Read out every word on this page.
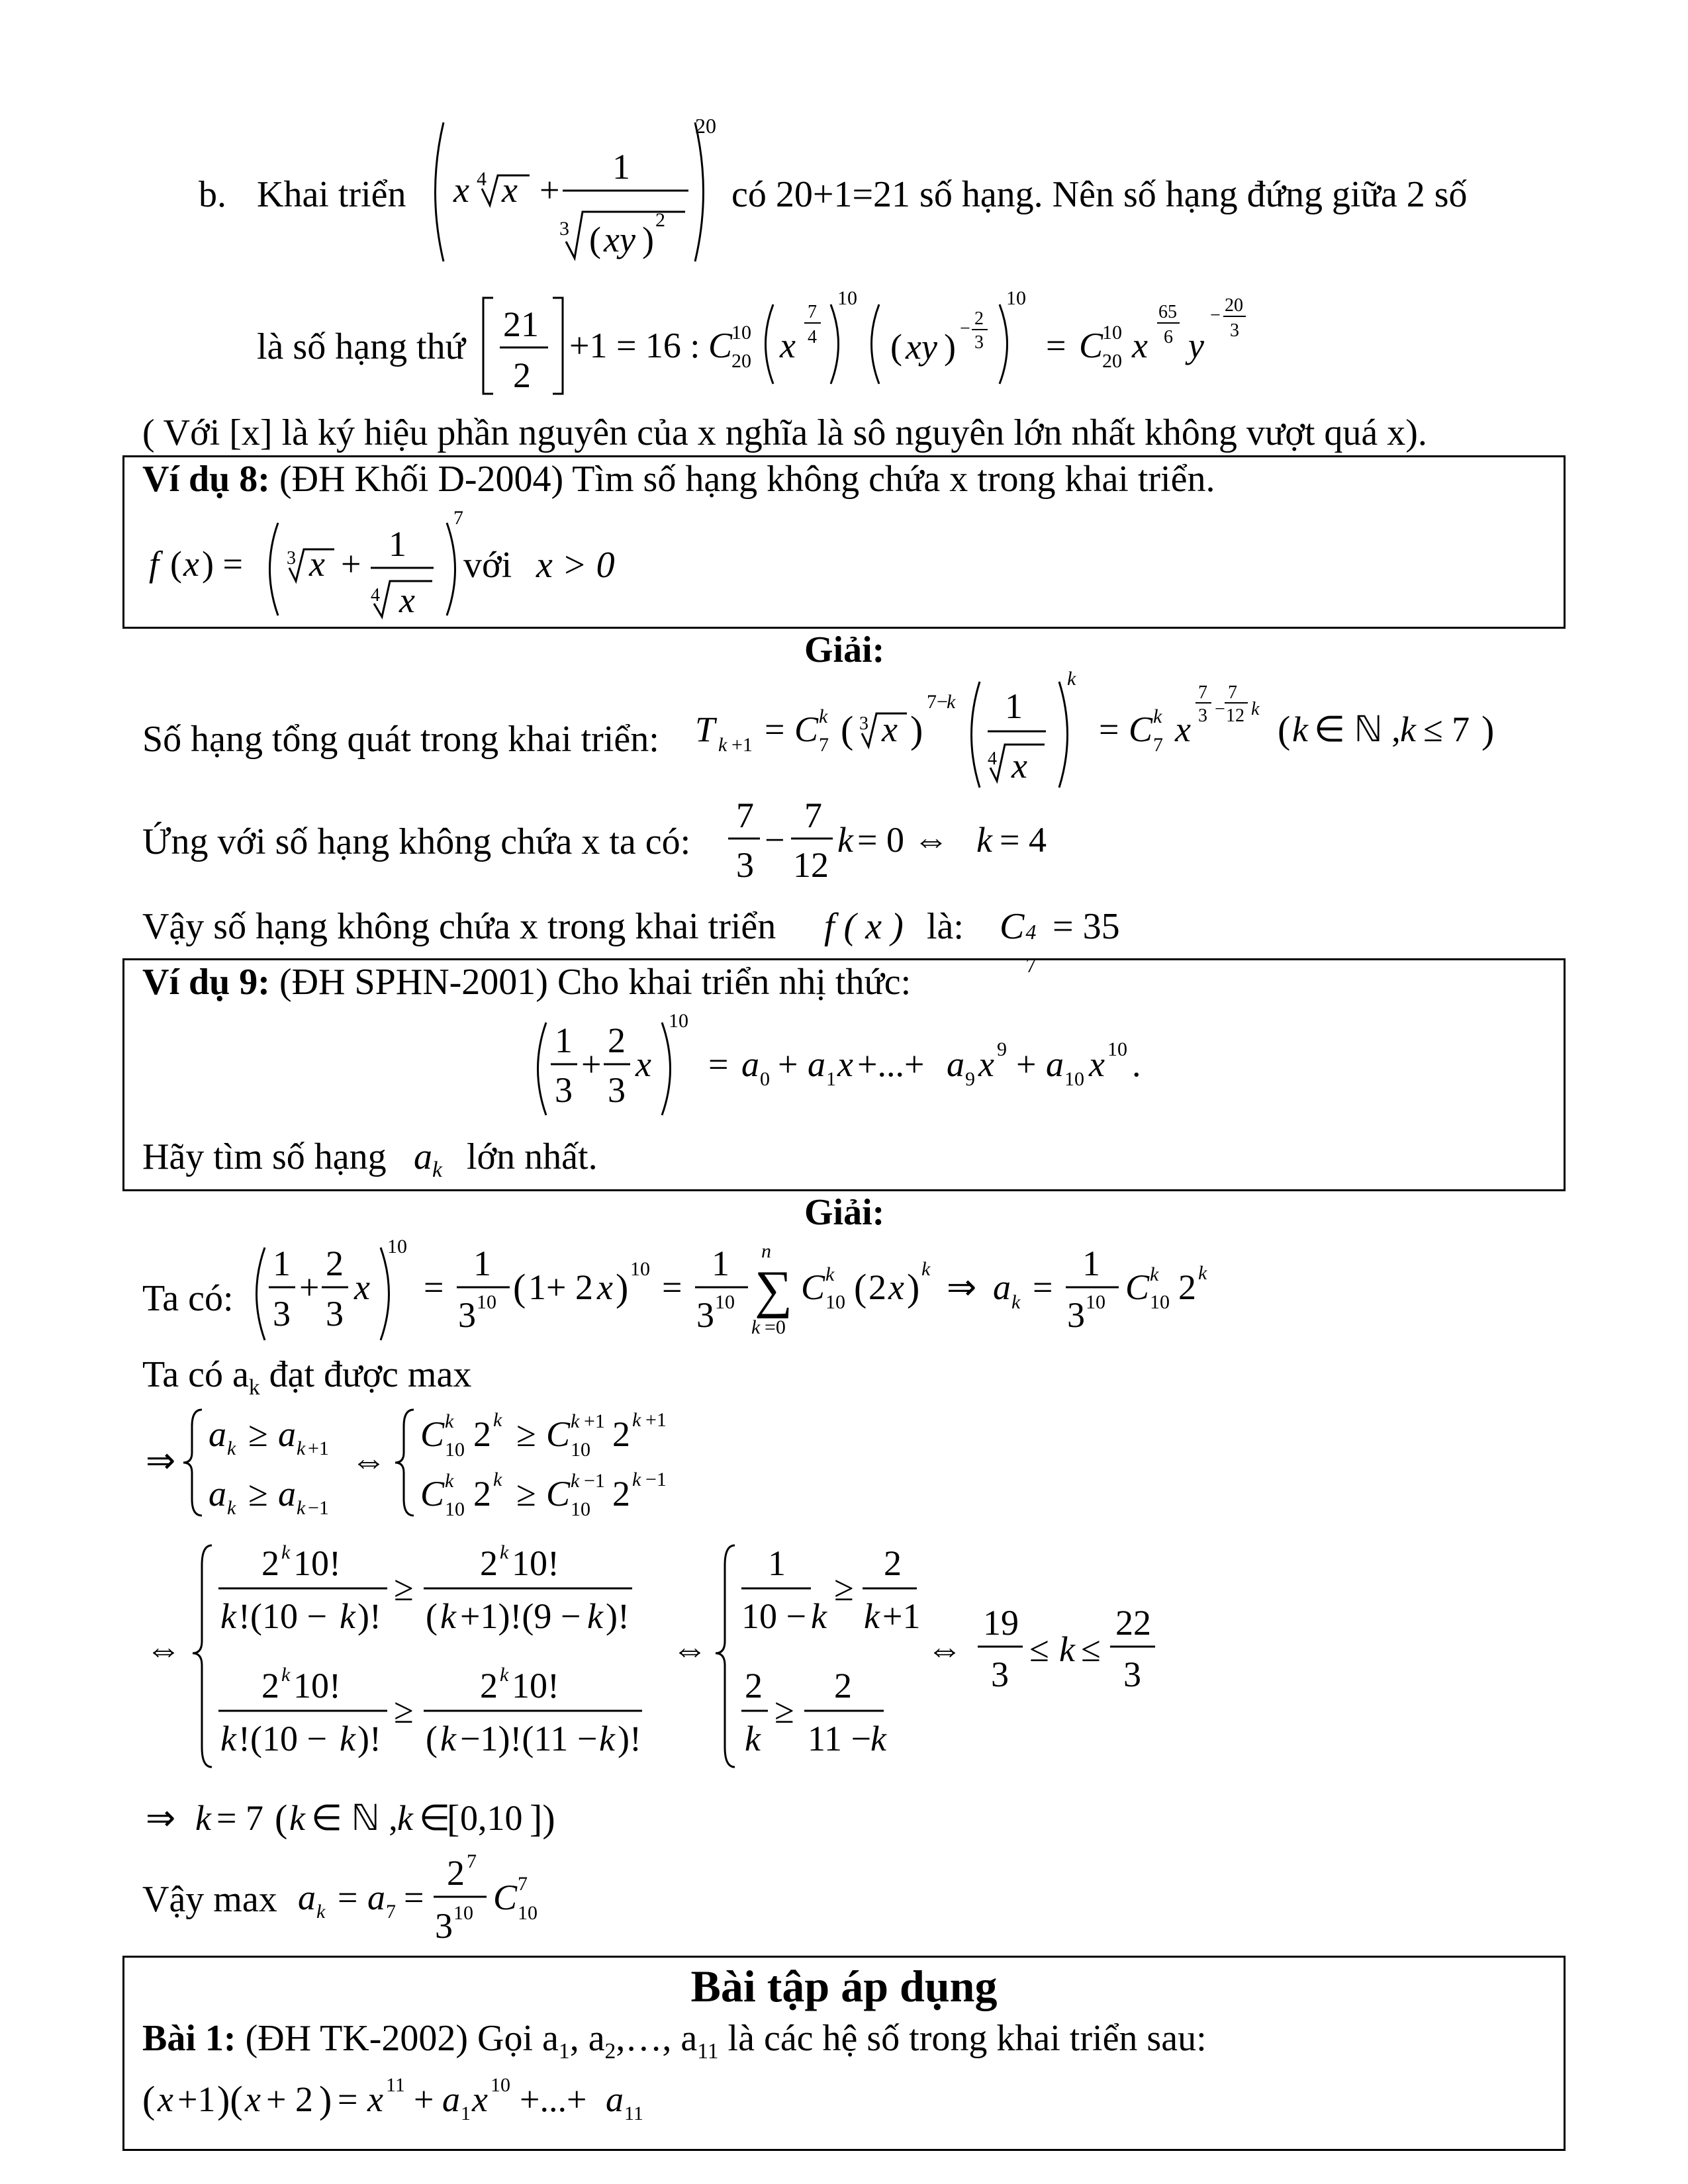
b. Khai triển x 4 x +
1
3 ( xy ) 2
20
có 20+1=21 số hạng. Nên số hạng đứng giữa 2 số
là số hạng thứ
21
2
+1 = 16 : C
10
20 x
7
4
10
( xy ) − 2
3
10
= C
10
20 x
65
6 y
− 20
3
( Với [x] là ký hiệu phần nguyên của x nghĩa là sô nguyên lớn nhất không vượt quá x).
Ví dụ 8: (ĐH Khối D-2004) Tìm số hạng không chứa x trong khai triển.
f ( x ) = 3 x + 1
4 x
7
với x > 0
Giải:
Số hạng tổng quát trong khai triển: T k +1 = C k
7 ( 3 x )
7−
k 1
4 x
k
= C k
7 x
7
3 −
7
12 k ( k ∈ ℕ , k ≤ 7 )
Ứng với số hạng không chứa x ta có:
7
3
−
7
12
k = 0 ⇔ k = 4
Vậy số hạng không chứa x trong khai triển f ( x ) là: C 4
7
= 35
Ví dụ 9: (ĐH SPHN-2001) Cho khai triển nhị thức:
1
3
+
2
3
x
10
= a 0 + a 1 x +...+ a 9 x 9 + a 10 x 10 .
Hãy tìm số hạng $a_k$ lớn nhất.
Giải:
Ta có:
1
3
+
2
3
x
10
=
1
3 10 ( 1+ 2 x ) 10 =
1
3 10
n
∑
k =0
C k
10 ( 2 x ) k ⇒ a k =
1
3 10 C k
10 2 k
Ta có $a_k$ đạt được max
⇒
a k ≥ a k +1
a k ≥ a k −1
⇔
C k
10 2 k ≥ C k +1
10 2 k +1
C k
10 2 k ≥ C k −1
10 2 k −1
⇔
2 k 10!
k !(10 − k )!
≥
2 k 10!
( k +1)!(9 − k )!
2 k 10!
k !(10 − k )!
≥
2 k 10!
( k −1)!(11 − k )!
⇔
1
10 − k
≥
2
k +1
2
k
≥
2
11 − k
⇔
19
3
≤ k ≤
22
3
⇒ k = 7 ( k ∈ ℕ , k ∈
[ 0,10 ])
Vậy max a k = a 7 =
2 7
3 10 C 7
10
Bài tập áp dụng
Bài 1: (ĐH TK-2002) Gọi $a_1$, $a_2,\dots$, $a_{11}$ là các hệ số trong khai triển sau:
( x +1 )( x + 2 ) = x 11 + a 1 x 10 +...+ a 11
